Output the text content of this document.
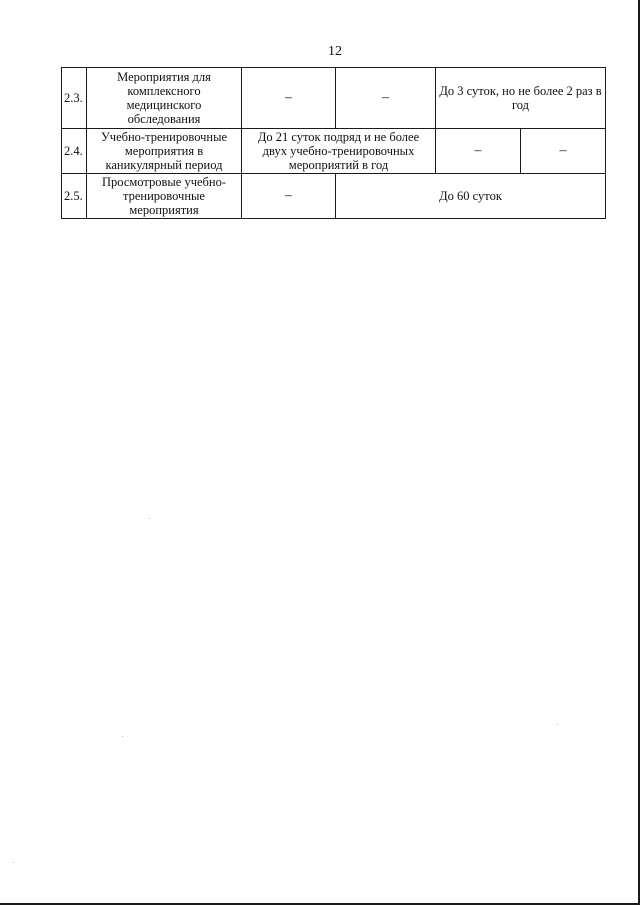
12
2.3.	Мероприятия для комплексного медицинского обследования	–	–	До 3 суток, но не более 2 раз в год	
2.4.	Учебно-тренировочные мероприятия в каникулярный период	До 21 суток подряд и не более двух учебно-тренировочных мероприятий в год		–	–
2.5.	Просмотровые учебно-тренировочные мероприятия	–	До 60 суток		
